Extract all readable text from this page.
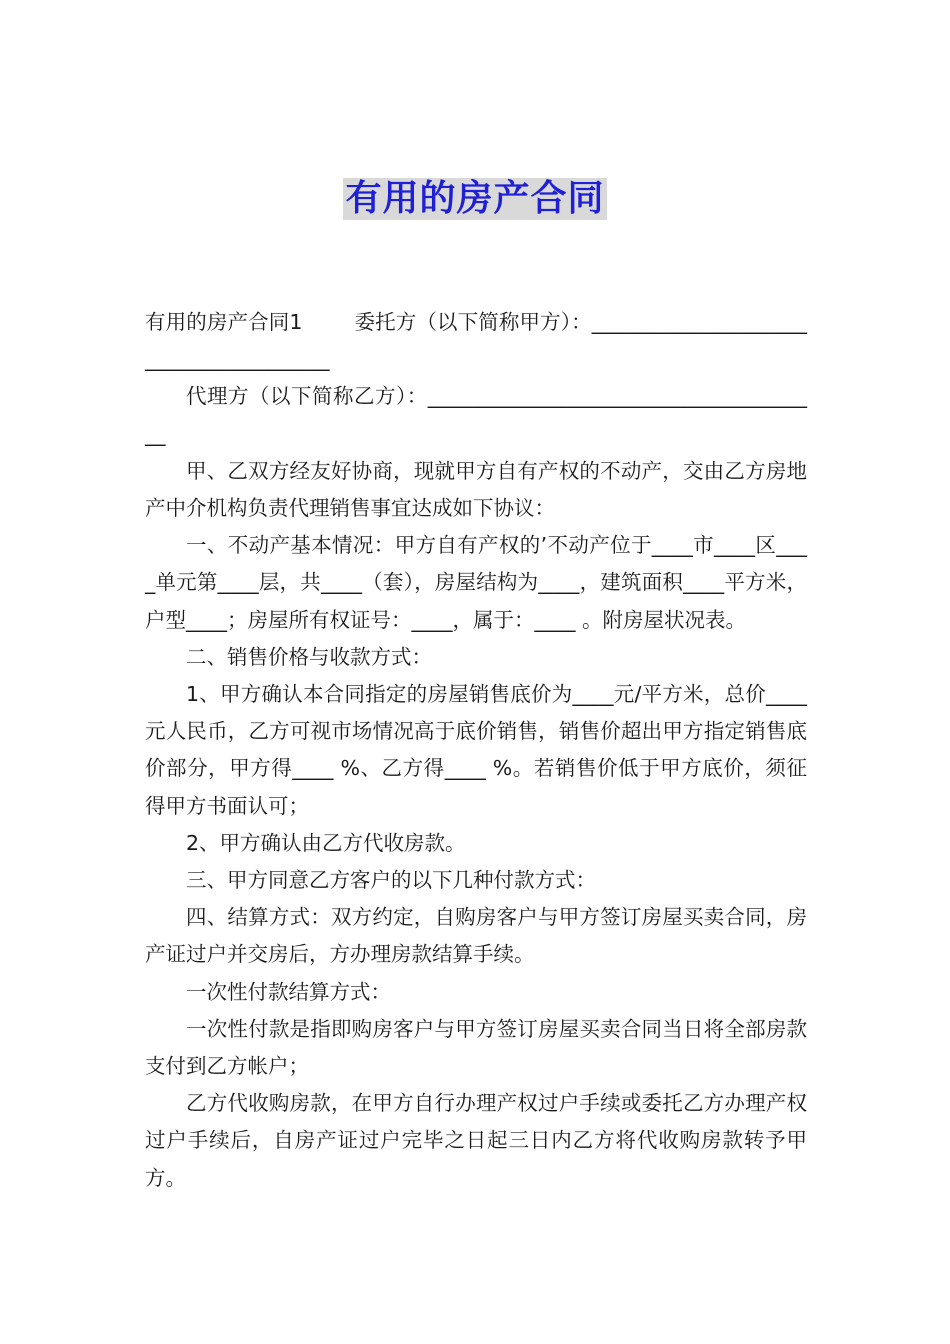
有用的房产合同

有用的房产合同1	委托方（以下简称甲方）：_______________________________________

代理方（以下简称乙方）：_______________________________________

甲、乙双方经友好协商，现就甲方自有产权的不动产，交由乙方房地产中介机构负责代理销售事宜达成如下协议：

一、不动产基本情况：甲方自有产权的’不动产位于____市____区____单元第____层，共____（套），房屋结构为____，建筑面积____平方米，户型____；房屋所有权证号：____，属于：____ 。附房屋状况表。

二、销售价格与收款方式：

1、甲方确认本合同指定的房屋销售底价为____元/平方米，总价____元人民币，乙方可视市场情况高于底价销售，销售价超出甲方指定销售底价部分，甲方得____ %、乙方得____ %。若销售价低于甲方底价，须征得甲方书面认可；

2、甲方确认由乙方代收房款。

三、甲方同意乙方客户的以下几种付款方式：

四、结算方式：双方约定，自购房客户与甲方签订房屋买卖合同，房产证过户并交房后，方办理房款结算手续。

一次性付款结算方式：

一次性付款是指即购房客户与甲方签订房屋买卖合同当日将全部房款支付到乙方帐户；

乙方代收购房款，在甲方自行办理产权过户手续或委托乙方办理产权过户手续后，自房产证过户完毕之日起三日内乙方将代收购房款转予甲方。
